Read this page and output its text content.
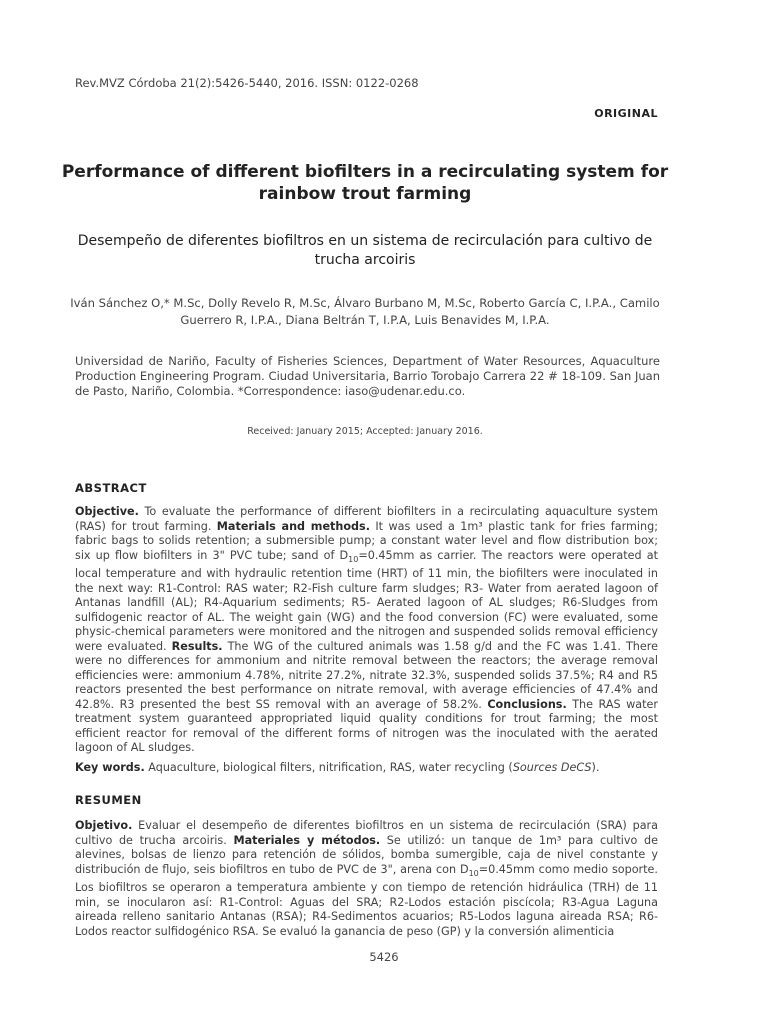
Rev.MVZ Córdoba 21(2):5426-5440, 2016. ISSN: 0122-0268
ORIGINAL
Performance of different biofilters in a recirculating system for rainbow trout farming
Desempeño de diferentes biofiltros en un sistema de recirculación para cultivo de trucha arcoiris
Iván Sánchez O,* M.Sc, Dolly Revelo R, M.Sc, Álvaro Burbano M, M.Sc, Roberto García C, I.P.A., Camilo Guerrero R, I.P.A., Diana Beltrán T, I.P.A, Luis Benavides M, I.P.A.
Universidad de Nariño, Faculty of Fisheries Sciences, Department of Water Resources, Aquaculture Production Engineering Program. Ciudad Universitaria, Barrio Torobajo Carrera 22 # 18-109. San Juan de Pasto, Nariño, Colombia. *Correspondence: iaso@udenar.edu.co.
Received: January 2015; Accepted: January 2016.
ABSTRACT

Objective. To evaluate the performance of different biofilters in a recirculating aquaculture system (RAS) for trout farming. Materials and methods. It was used a 1m³ plastic tank for fries farming; fabric bags to solids retention; a submersible pump; a constant water level and flow distribution box; six up flow biofilters in 3" PVC tube; sand of $D_{10}=0.45mm$ as carrier. The reactors were operated at local temperature and with hydraulic retention time (HRT) of 11 min, the biofilters were inoculated in the next way: R1-Control: RAS water; R2-Fish culture farm sludges; R3- Water from aerated lagoon of Antanas landfill (AL); R4-Aquarium sediments; R5- Aerated lagoon of AL sludges; R6-Sludges from sulfidogenic reactor of AL. The weight gain (WG) and the food conversion (FC) were evaluated, some physic-chemical parameters were monitored and the nitrogen and suspended solids removal efficiency were evaluated. Results. The WG of the cultured animals was 1.58 g/d and the FC was 1.41. There were no differences for ammonium and nitrite removal between the reactors; the average removal efficiencies were: ammonium 4.78%, nitrite 27.2%, nitrate 32.3%, suspended solids 37.5%; R4 and R5 reactors presented the best performance on nitrate removal, with average efficiencies of 47.4% and 42.8%. R3 presented the best SS removal with an average of 58.2%. Conclusions. The RAS water treatment system guaranteed appropriated liquid quality conditions for trout farming; the most efficient reactor for removal of the different forms of nitrogen was the inoculated with the aerated lagoon of AL sludges.

Key words. Aquaculture, biological filters, nitrification, RAS, water recycling (Sources DeCS).

RESUMEN

Objetivo. Evaluar el desempeño de diferentes biofiltros en un sistema de recirculación (SRA) para cultivo de trucha arcoiris. Materiales y métodos. Se utilizó: un tanque de 1m³ para cultivo de alevines, bolsas de lienzo para retención de sólidos, bomba sumergible, caja de nivel constante y distribución de flujo, seis biofiltros en tubo de PVC de 3", arena con $D_{10}=0.45mm$ como medio soporte. Los biofiltros se operaron a temperatura ambiente y con tiempo de retención hidráulica (TRH) de 11 min, se inocularon así: R1-Control: Aguas del SRA; R2-Lodos estación piscícola; R3-Agua Laguna aireada relleno sanitario Antanas (RSA); R4-Sedimentos acuarios; R5-Lodos laguna aireada RSA; R6-Lodos reactor sulfidogénico RSA. Se evaluó la ganancia de peso (GP) y la conversión alimenticia

5426
